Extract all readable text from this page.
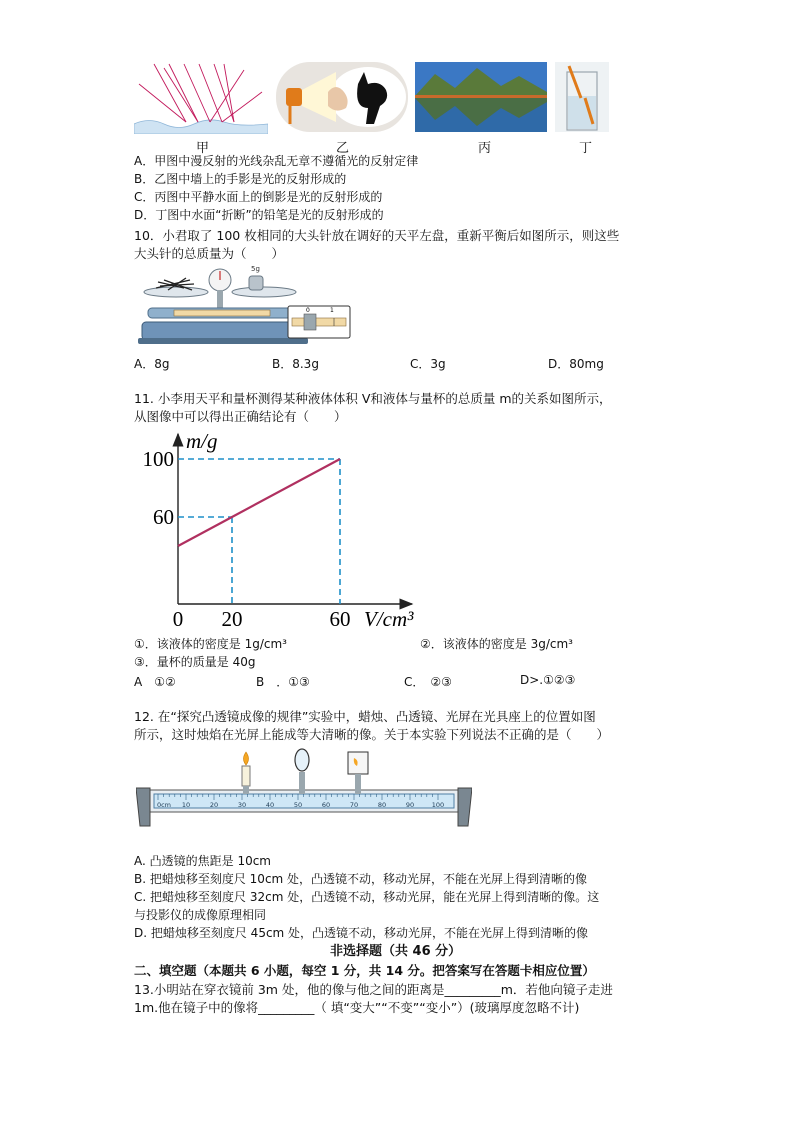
甲	乙	丙	丁
A．甲图中漫反射的光线杂乱无章不遵循光的反射定律
B．乙图中墙上的手影是光的反射形成的
C．丙图中平静水面上的倒影是光的反射形成的
D．丁图中水面“折断”的铅笔是光的反射形成的
10．小君取了 100 枚相同的大头针放在调好的天平左盘，重新平衡后如图所示，则这些
大头针的总质量为（　　）
5g
0	1
A．8g	B．8.3g	C．3g	D．80mg
11. 小李用天平和量杯测得某种液体体积 V和液体与量杯的总质量 m的关系如图所示，
从图像中可以得出正确结论有（　　）
m/g
V/cm³
0 20	60
60
100
①．该液体的密度是 1g/cm³	②．该液体的密度是 3g/cm³
③．量杯的质量是 40g
A　①②	B　．①③	C．　②③	D>.①②③
12. 在“探究凸透镜成像的规律”实验中，蜡烛、凸透镜、光屏在光具座上的位置如图
所示，这时烛焰在光屏上能成等大清晰的像。关于本实验下列说法不正确的是（　　）
0cm 10	20	30	40	50	60	70	80	90	100
A. 凸透镜的焦距是 10cm
B. 把蜡烛移至刻度尺 10cm 处，凸透镜不动，移动光屏，不能在光屏上得到清晰的像
C. 把蜡烛移至刻度尺 32cm 处，凸透镜不动，移动光屏，能在光屏上得到清晰的像。这
与投影仪的成像原理相同
D. 把蜡烛移至刻度尺 45cm 处，凸透镜不动，移动光屏，不能在光屏上得到清晰的像
非选择题（共 46 分）
二、填空题（本题共 6 小题，每空 1 分，共 14 分。把答案写在答题卡相应位置）
13.小明站在穿衣镜前 3m 处，他的像与他之间的距离是_________m．若他向镜子走进
1m.他在镜子中的像将_________（ 填“变大”“不变”“变小”）(玻璃厚度忽略不计)
